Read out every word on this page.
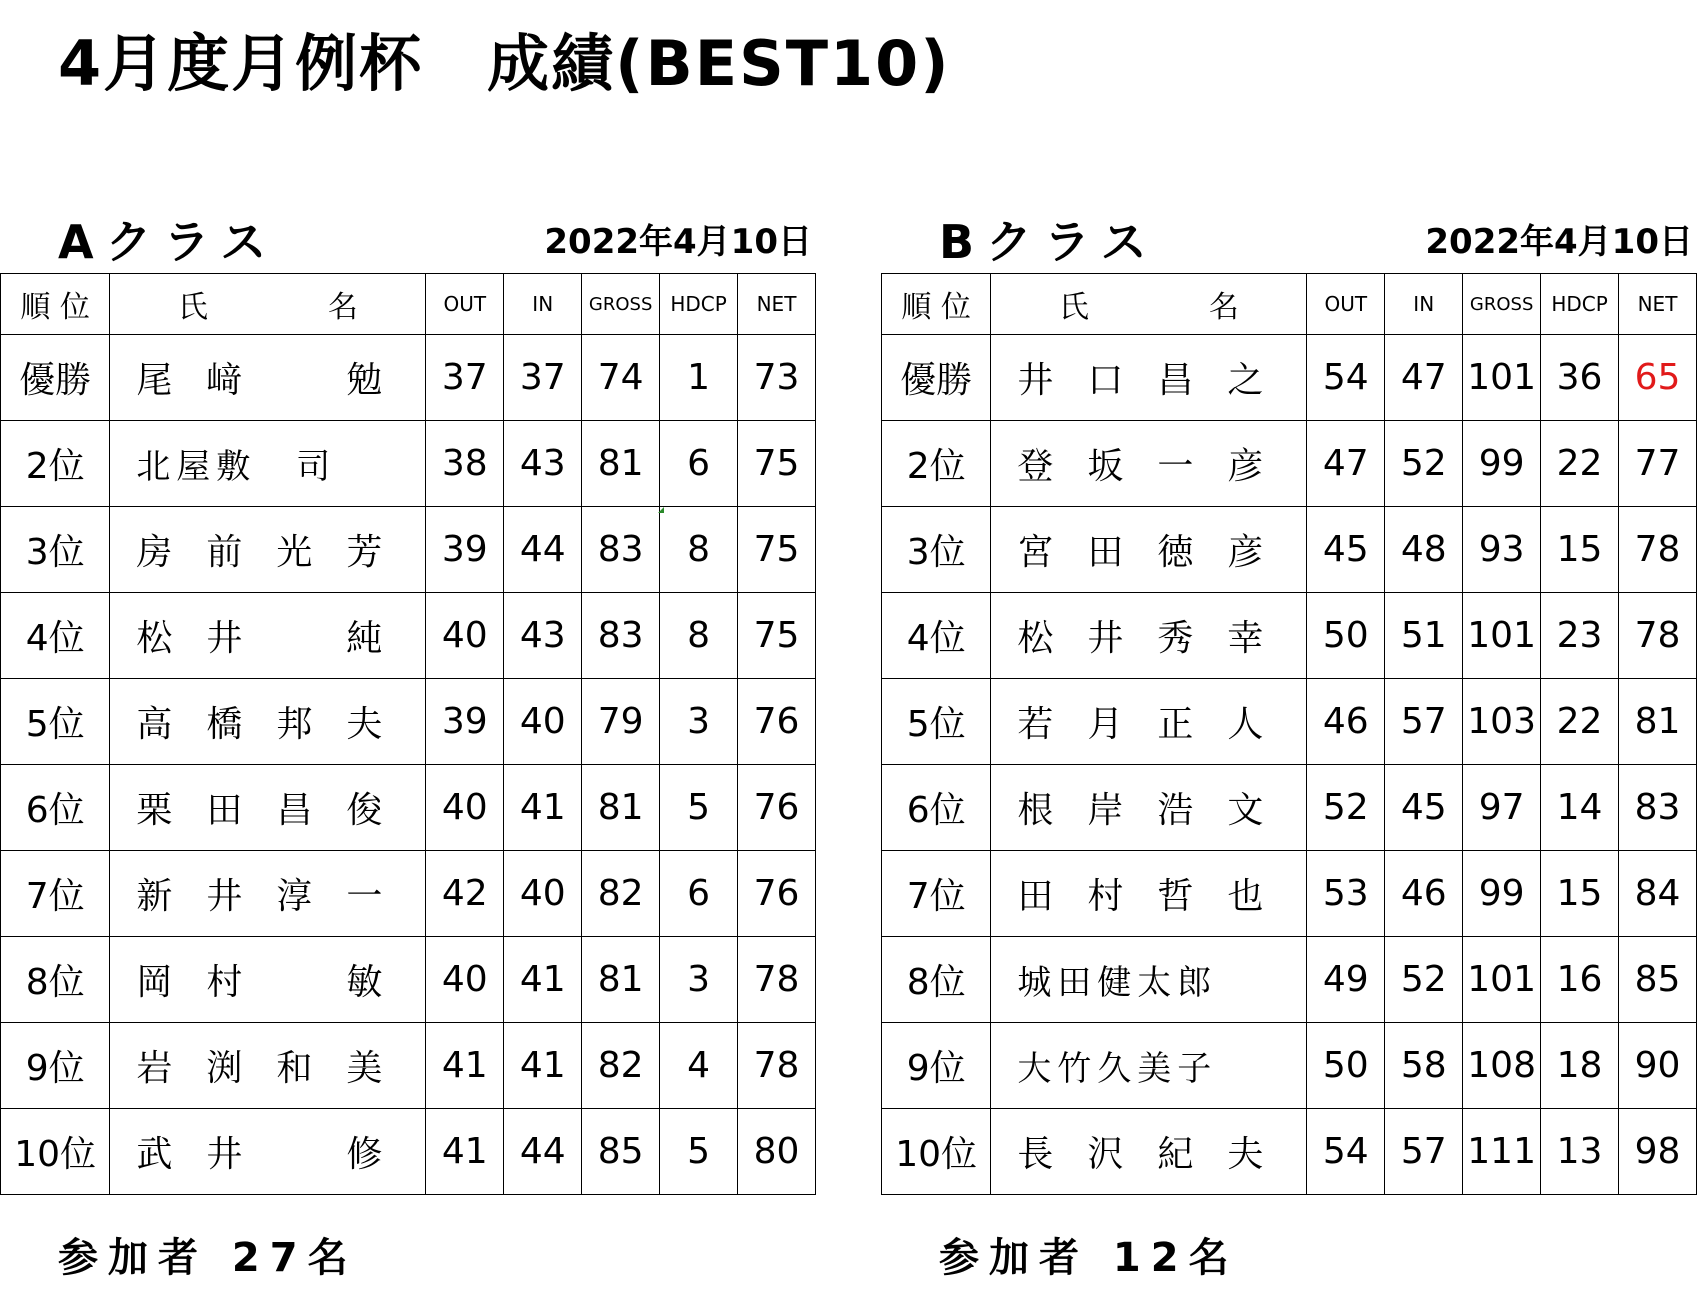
4月度月例杯　成績(BEST10)
Aクラス	2022年4月10日
順 位	氏 名	OUT	IN	GROSS	HDCP	NET
優勝	尾﨑　勉	37	37	74	1	73
2位	北屋敷　司	38	43	81	6	75
3位	房前光芳	39	44	83	8	75
4位	松井　純	40	43	83	8	75
5位	高橋邦夫	39	40	79	3	76
6位	栗田昌俊	40	41	81	5	76
7位	新井淳一	42	40	82	6	76
8位	岡村　敏	40	41	81	3	78
9位	岩渕和美	41	41	82	4	78
10位	武井　修	41	44	85	5	80
参加者 27名
Bクラス	2022年4月10日
順 位	氏 名	OUT	IN	GROSS	HDCP	NET
優勝	井口昌之	54	47	101	36	65
2位	登坂一彦	47	52	99	22	77
3位	宮田徳彦	45	48	93	15	78
4位	松井秀幸	50	51	101	23	78
5位	若月正人	46	57	103	22	81
6位	根岸浩文	52	45	97	14	83
7位	田村哲也	53	46	99	15	84
8位	城田健太郎	49	52	101	16	85
9位	大竹久美子	50	58	108	18	90
10位	長沢紀夫	54	57	111	13	98
参加者 12名
